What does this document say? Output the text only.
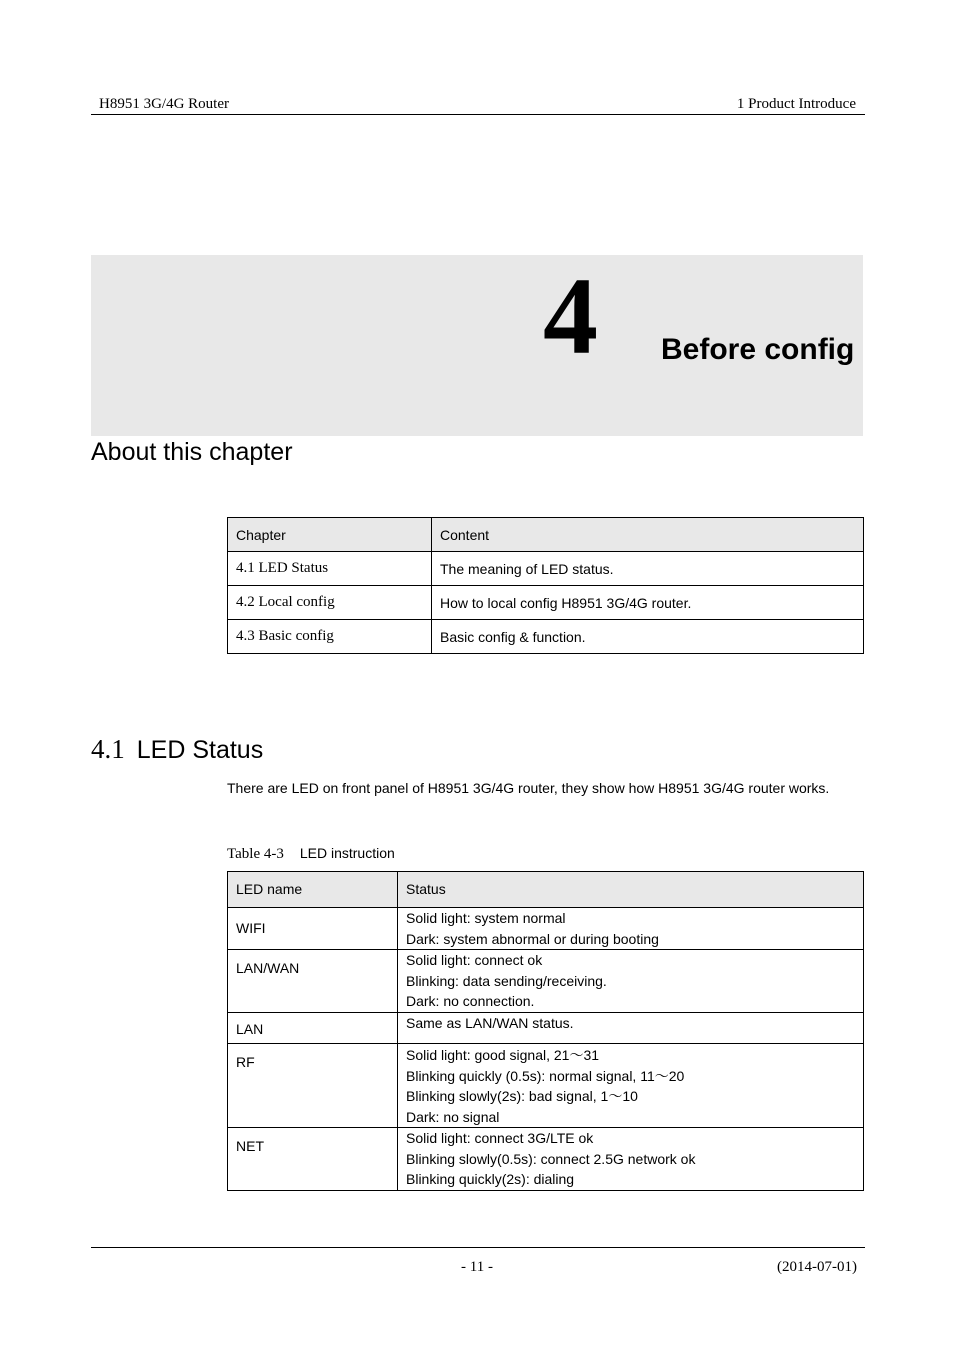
H8951 3G/4G Router	1 Product Introduce
4 Before config
About this chapter
Chapter	Content
4.1 LED Status	The meaning of LED status.
4.2 Local config	How to local config H8951 3G/4G router.
4.3 Basic config	Basic config & function.
4.1 LED Status
There are LED on front panel of H8951 3G/4G router, they show how H8951 3G/4G router works.
Table 4-3 LED instruction
LED name	Status
WIFI	Solid light: system normal
Dark: system abnormal or during booting

LAN/WAN	Solid light: connect ok
Blinking: data sending/receiving.
Dark: no connection.

LAN	Same as LAN/WAN status.

RF	Solid light: good signal, 21～31
Blinking quickly (0.5s): normal signal, 11～20
Blinking slowly(2s): bad signal, 1～10
Dark: no signal

NET	Solid light: connect 3G/LTE ok
Blinking slowly(0.5s): connect 2.5G network ok
Blinking quickly(2s): dialing
- 11 -	(2014-07-01)
